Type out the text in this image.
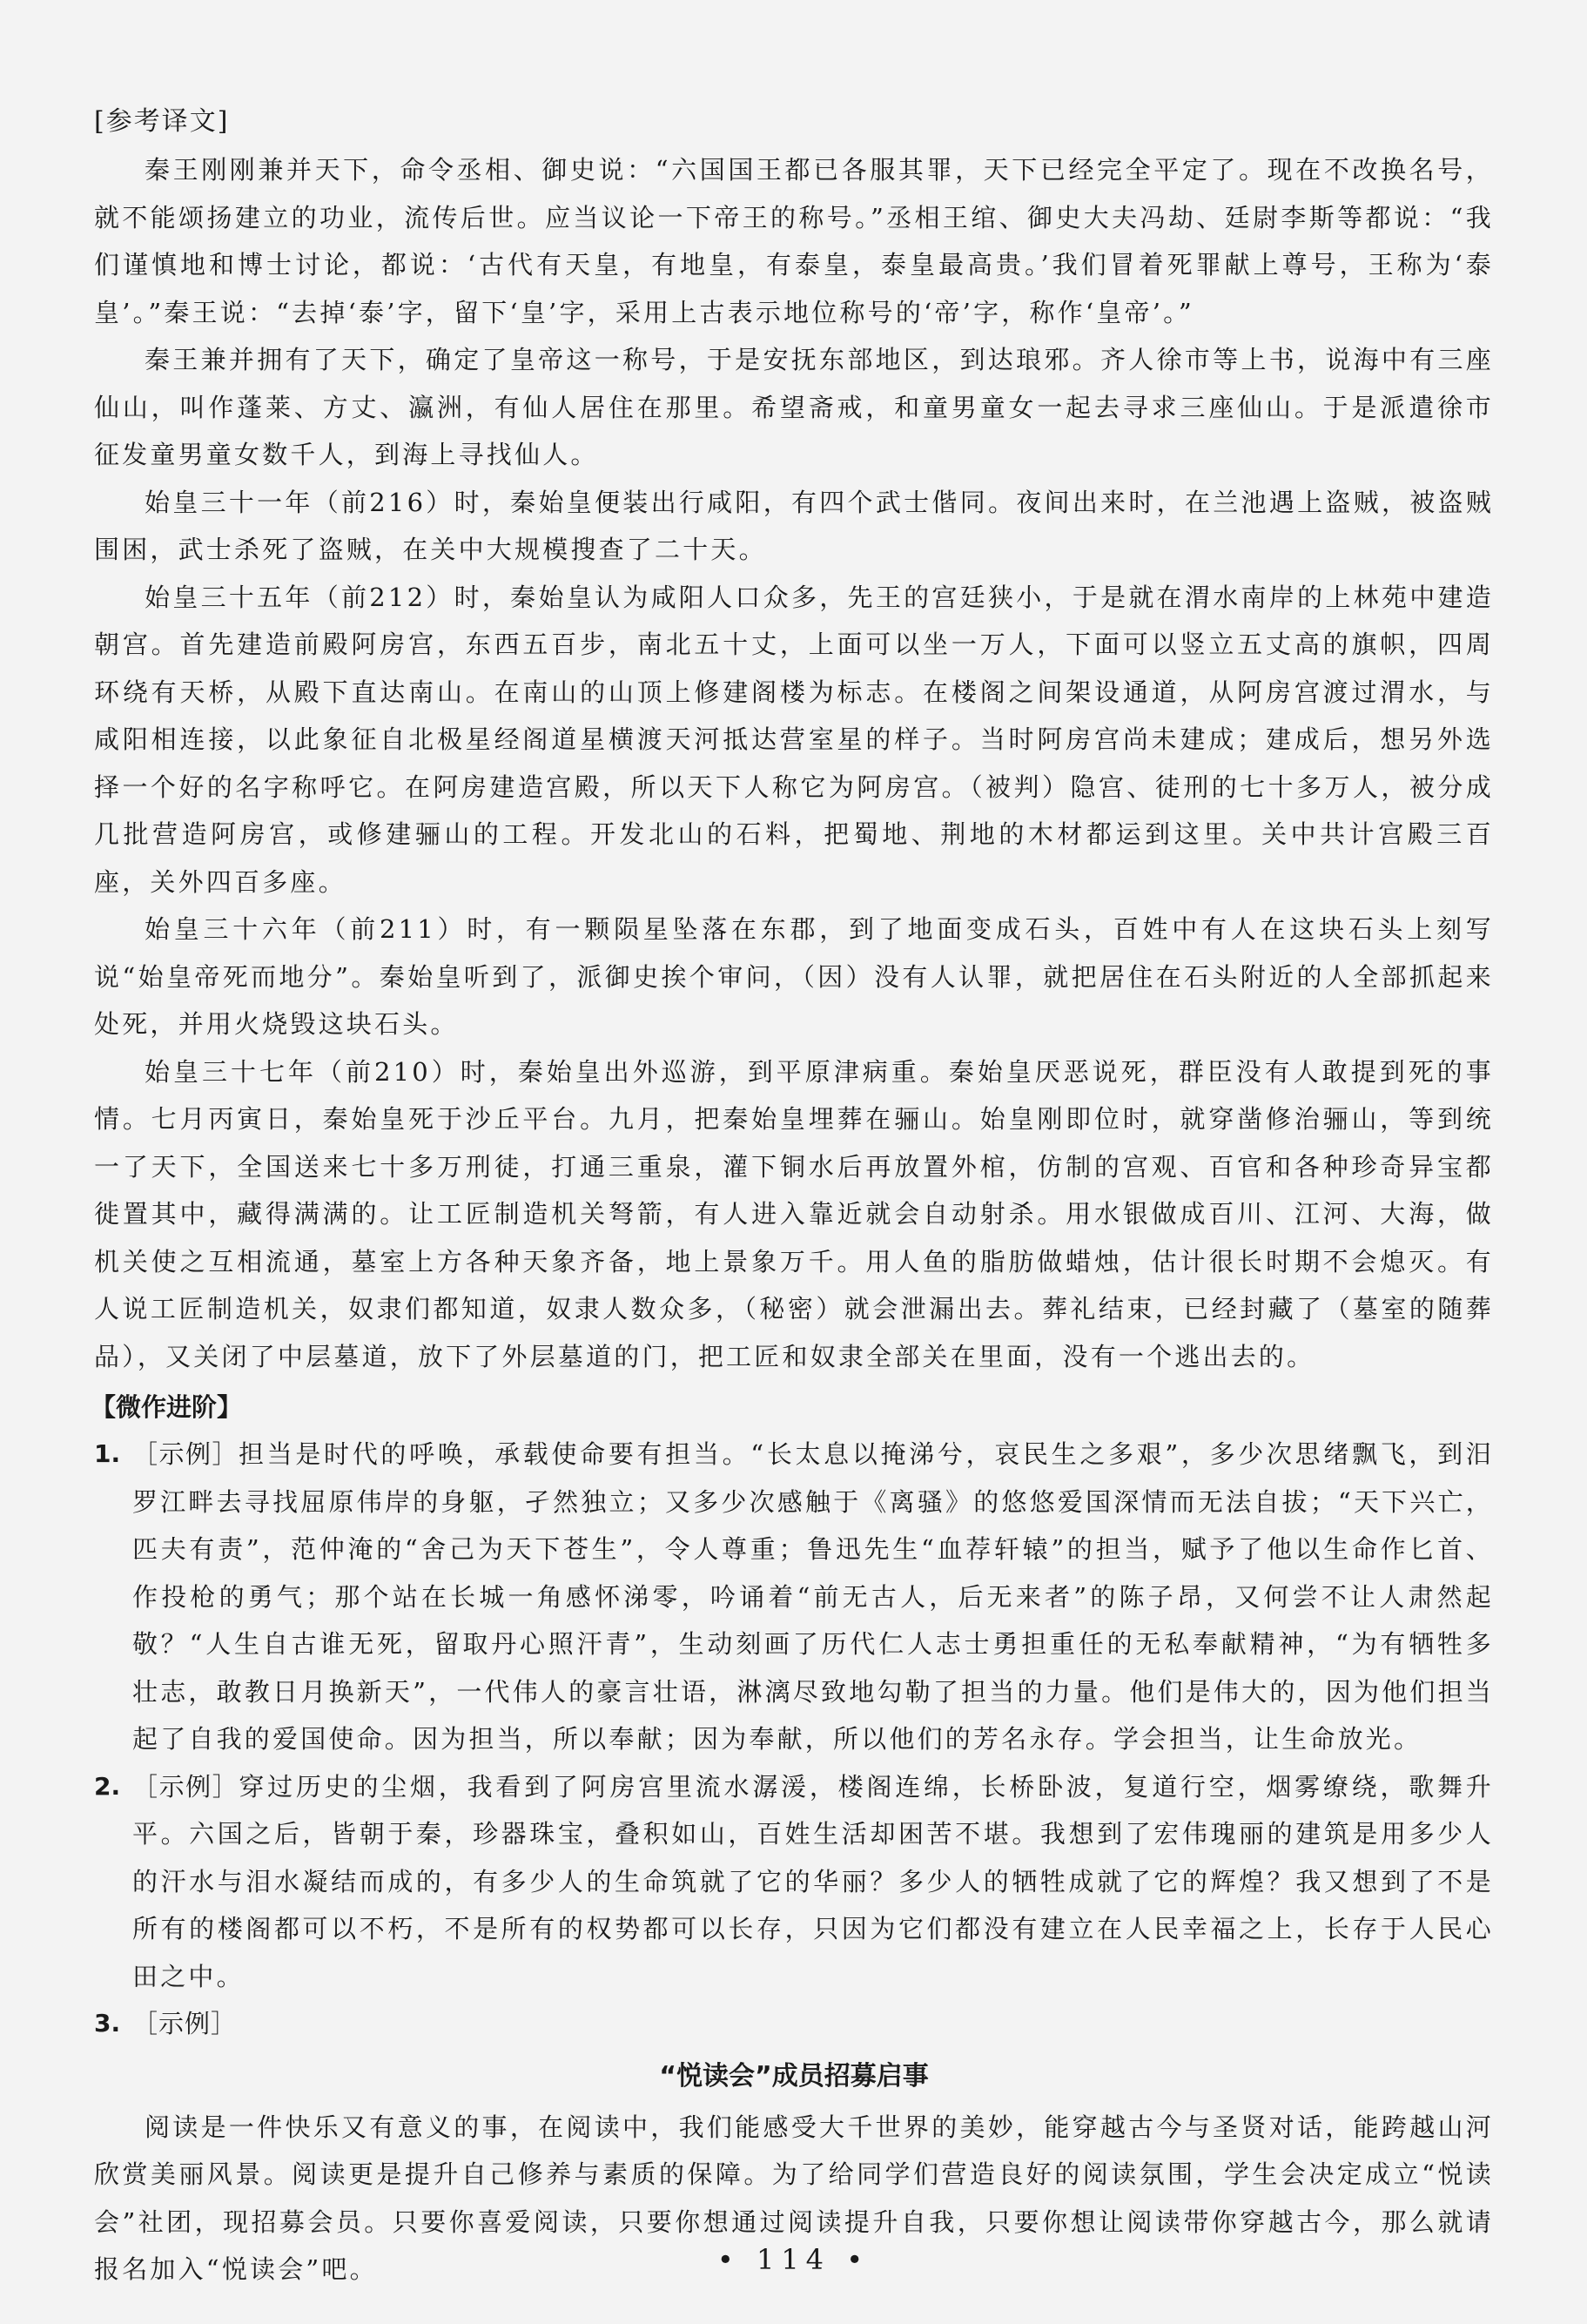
[参考译文]

秦王刚刚兼并天下，命令丞相、御史说：“六国国王都已各服其罪，天下已经完全平定了。现在不改换名号，就不能颂扬建立的功业，流传后世。应当议论一下帝王的称号。”丞相王绾、御史大夫冯劫、廷尉李斯等都说：“我们谨慎地和博士讨论，都说：‘古代有天皇，有地皇，有泰皇，泰皇最高贵。’我们冒着死罪献上尊号，王称为‘泰皇’。”秦王说：“去掉‘泰’字，留下‘皇’字，采用上古表示地位称号的‘帝’字，称作‘皇帝’。”

秦王兼并拥有了天下，确定了皇帝这一称号，于是安抚东部地区，到达琅邪。齐人徐市等上书，说海中有三座仙山，叫作蓬莱、方丈、瀛洲，有仙人居住在那里。希望斋戒，和童男童女一起去寻求三座仙山。于是派遣徐市征发童男童女数千人，到海上寻找仙人。

始皇三十一年（前216）时，秦始皇便装出行咸阳，有四个武士偕同。夜间出来时，在兰池遇上盗贼，被盗贼围困，武士杀死了盗贼，在关中大规模搜查了二十天。

始皇三十五年（前212）时，秦始皇认为咸阳人口众多，先王的宫廷狭小，于是就在渭水南岸的上林苑中建造朝宫。首先建造前殿阿房宫，东西五百步，南北五十丈，上面可以坐一万人，下面可以竖立五丈高的旗帜，四周环绕有天桥，从殿下直达南山。在南山的山顶上修建阁楼为标志。在楼阁之间架设通道，从阿房宫渡过渭水，与咸阳相连接，以此象征自北极星经阁道星横渡天河抵达营室星的样子。当时阿房宫尚未建成；建成后，想另外选择一个好的名字称呼它。在阿房建造宫殿，所以天下人称它为阿房宫。（被判）隐宫、徒刑的七十多万人，被分成几批营造阿房宫，或修建骊山的工程。开发北山的石料，把蜀地、荆地的木材都运到这里。关中共计宫殿三百座，关外四百多座。

始皇三十六年（前211）时，有一颗陨星坠落在东郡，到了地面变成石头，百姓中有人在这块石头上刻写说“始皇帝死而地分”。秦始皇听到了，派御史挨个审问，（因）没有人认罪，就把居住在石头附近的人全部抓起来处死，并用火烧毁这块石头。

始皇三十七年（前210）时，秦始皇出外巡游，到平原津病重。秦始皇厌恶说死，群臣没有人敢提到死的事情。七月丙寅日，秦始皇死于沙丘平台。九月，把秦始皇埋葬在骊山。始皇刚即位时，就穿凿修治骊山，等到统一了天下，全国送来七十多万刑徒，打通三重泉，灌下铜水后再放置外棺，仿制的宫观、百官和各种珍奇异宝都徙置其中，藏得满满的。让工匠制造机关弩箭，有人进入靠近就会自动射杀。用水银做成百川、江河、大海，做机关使之互相流通，墓室上方各种天象齐备，地上景象万千。用人鱼的脂肪做蜡烛，估计很长时期不会熄灭。有人说工匠制造机关，奴隶们都知道，奴隶人数众多，（秘密）就会泄漏出去。葬礼结束，已经封藏了（墓室的随葬品），又关闭了中层墓道，放下了外层墓道的门，把工匠和奴隶全部关在里面，没有一个逃出去的。

【微作进阶】
1. ［示例］担当是时代的呼唤，承载使命要有担当。“长太息以掩涕兮，哀民生之多艰”，多少次思绪飘飞，到汨罗江畔去寻找屈原伟岸的身躯，孑然独立；又多少次感触于《离骚》的悠悠爱国深情而无法自拔；“天下兴亡，匹夫有责”，范仲淹的“舍己为天下苍生”，令人尊重；鲁迅先生“血荐轩辕”的担当，赋予了他以生命作匕首、作投枪的勇气；那个站在长城一角感怀涕零，吟诵着“前无古人，后无来者”的陈子昂，又何尝不让人肃然起敬？“人生自古谁无死，留取丹心照汗青”，生动刻画了历代仁人志士勇担重任的无私奉献精神，“为有牺牲多壮志，敢教日月换新天”，一代伟人的豪言壮语，淋漓尽致地勾勒了担当的力量。他们是伟大的，因为他们担当起了自我的爱国使命。因为担当，所以奉献；因为奉献，所以他们的芳名永存。学会担当，让生命放光。

2. ［示例］穿过历史的尘烟，我看到了阿房宫里流水潺湲，楼阁连绵，长桥卧波，复道行空，烟雾缭绕，歌舞升平。六国之后，皆朝于秦，珍器珠宝，叠积如山，百姓生活却困苦不堪。我想到了宏伟瑰丽的建筑是用多少人的汗水与泪水凝结而成的，有多少人的生命筑就了它的华丽？多少人的牺牲成就了它的辉煌？我又想到了不是所有的楼阁都可以不朽，不是所有的权势都可以长存，只因为它们都没有建立在人民幸福之上，长存于人民心田之中。

3. ［示例］

“悦读会”成员招募启事

阅读是一件快乐又有意义的事，在阅读中，我们能感受大千世界的美妙，能穿越古今与圣贤对话，能跨越山河欣赏美丽风景。阅读更是提升自己修养与素质的保障。为了给同学们营造良好的阅读氛围，学生会决定成立“悦读会”社团，现招募会员。只要你喜爱阅读，只要你想通过阅读提升自我，只要你想让阅读带你穿越古今，那么就请报名加入“悦读会”吧。	• 114 •
